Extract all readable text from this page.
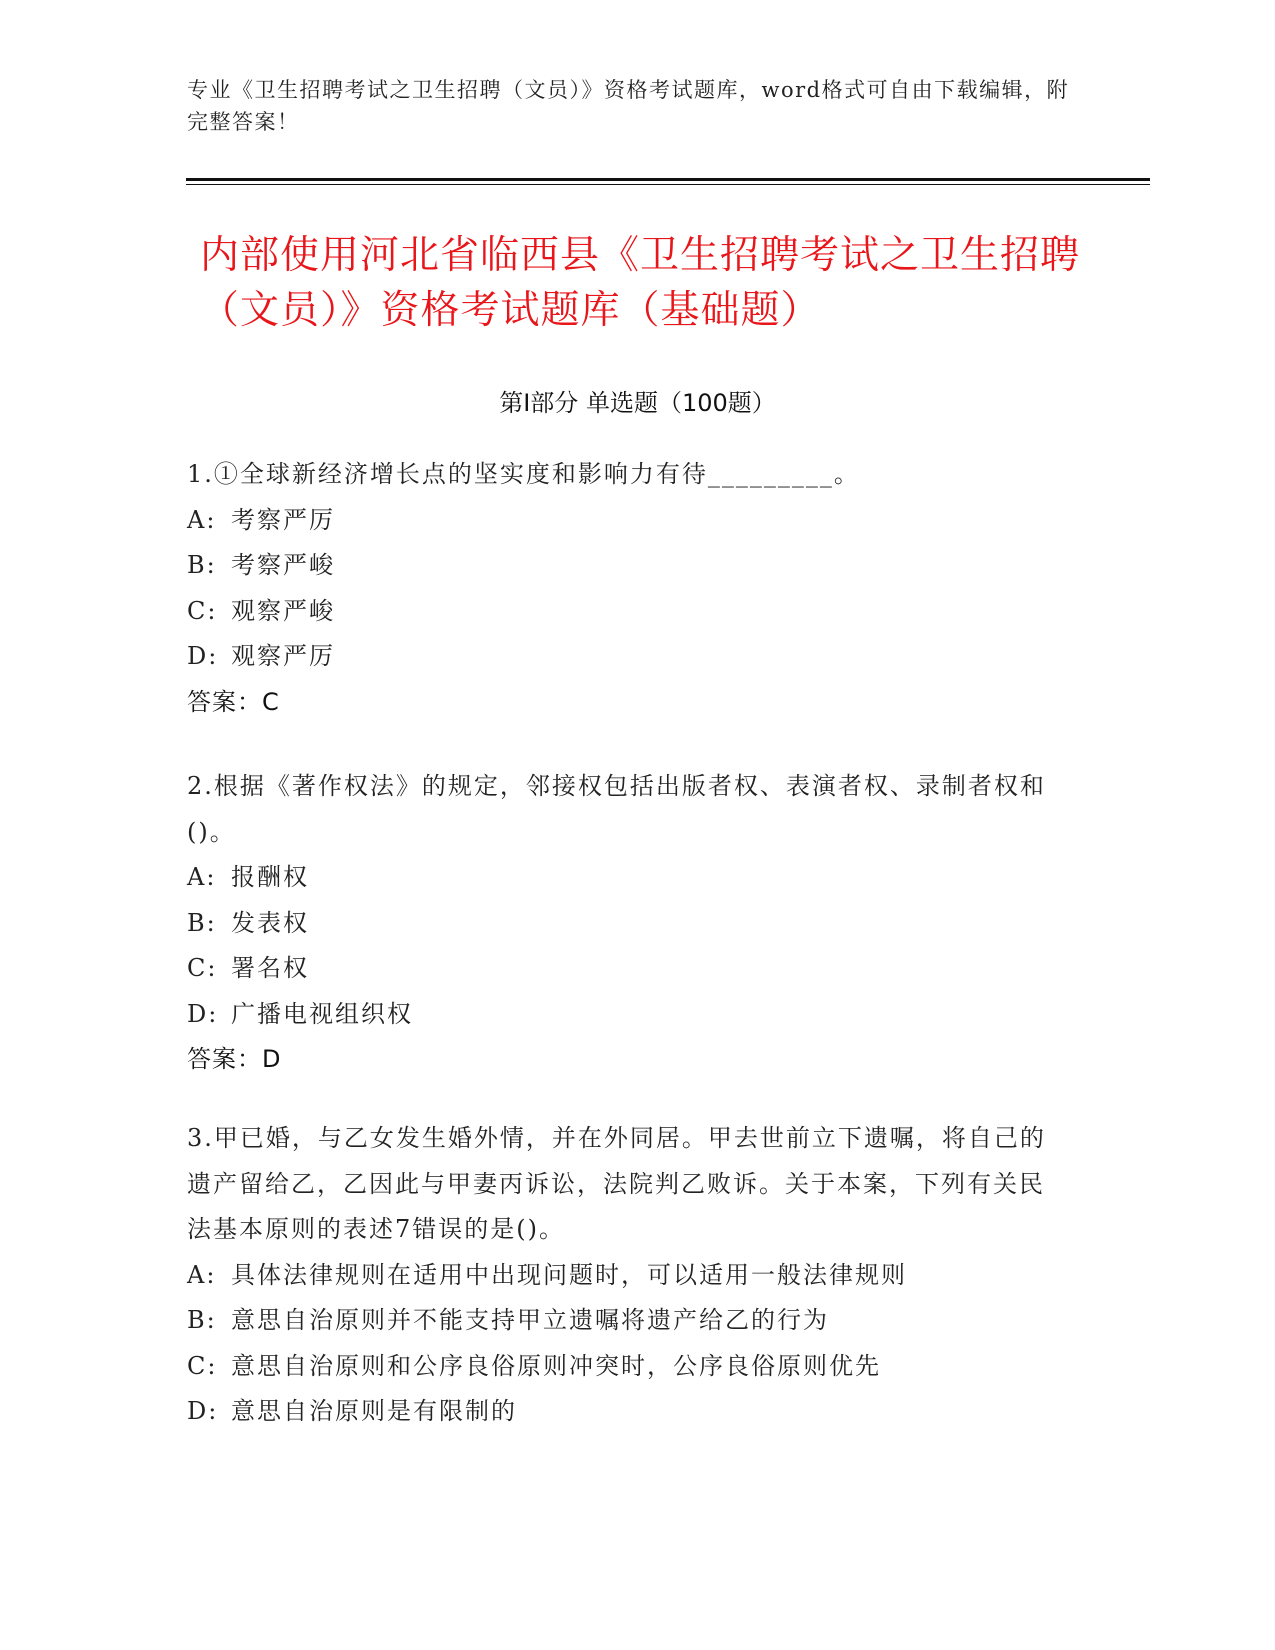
专业《卫生招聘考试之卫生招聘（文员）》资格考试题库，word格式可自由下载编辑，附完整答案！
内部使用河北省临西县《卫生招聘考试之卫生招聘（文员）》资格考试题库（基础题）
第Ⅰ部分 单选题（100题）
1.①全球新经济增长点的坚实度和影响力有待_________。
A: 考察严厉
B: 考察严峻
C: 观察严峻
D: 观察严厉
答案：C
2.根据《著作权法》的规定，邻接权包括出版者权、表演者权、录制者权和()。
A: 报酬权
B: 发表权
C: 署名权
D: 广播电视组织权
答案：D
3.甲已婚，与乙女发生婚外情，并在外同居。甲去世前立下遗嘱，将自己的遗产留给乙，乙因此与甲妻丙诉讼，法院判乙败诉。关于本案，下列有关民法基本原则的表述7错误的是()。
A: 具体法律规则在适用中出现问题时，可以适用一般法律规则
B: 意思自治原则并不能支持甲立遗嘱将遗产给乙的行为
C: 意思自治原则和公序良俗原则冲突时，公序良俗原则优先
D: 意思自治原则是有限制的
